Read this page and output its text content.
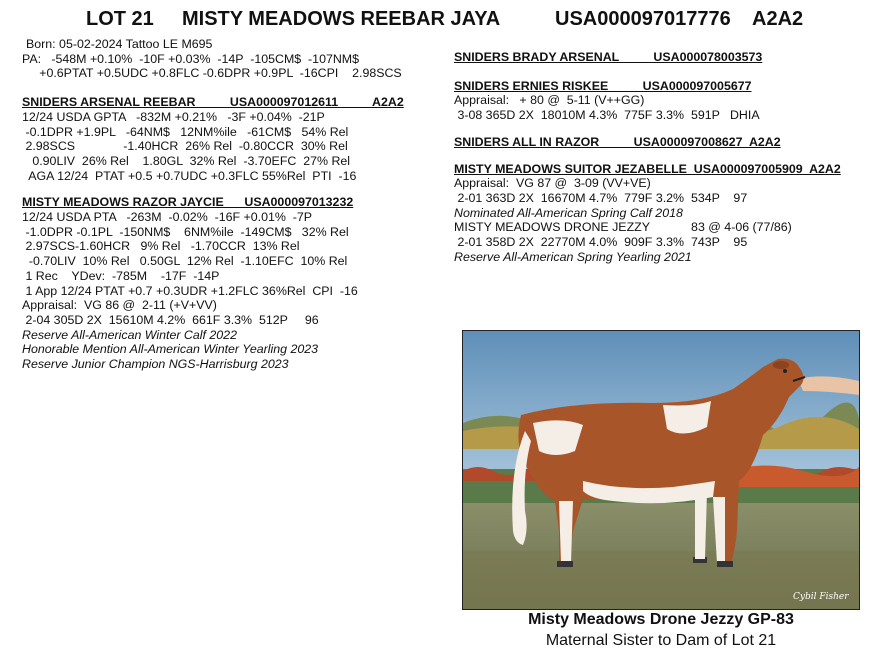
LOT 21 MISTY MEADOWS REEBAR JAYA	USA000097017776 A2A2
Born: 05-02-2024 Tattoo LE M695
PA:   -548M +0.10%  -10F +0.03%  -14P  -105CM$  -107NM$
+0.6PTAT +0.5UDC +0.8FLC -0.6DPR +0.9PL  -16CPI    2.98SCS
SNIDERS ARSENAL REEBAR          USA000097012611          A2A2
12/24 USDA GPTA   -832M +0.21%   -3F +0.04%  -21P
-0.1DPR +1.9PL   -64NM$   12NM%ile   -61CM$   54% Rel
2.98SCS              -1.40HCR  26% Rel  -0.80CCR  30% Rel
0.90LIV  26% Rel    1.80GL  32% Rel  -3.70EFC  27% Rel
AGA 12/24  PTAT +0.5 +0.7UDC +0.3FLC 55%Rel  PTI  -16
MISTY MEADOWS RAZOR JAYCIE      USA000097013232
12/24 USDA PTA   -263M  -0.02%  -16F +0.01%  -7P
-1.0DPR -0.1PL  -150NM$    6NM%ile  -149CM$   32% Rel
2.97SCS-1.60HCR   9% Rel   -1.70CCR  13% Rel
-0.70LIV  10% Rel   0.50GL  12% Rel  -1.10EFC  10% Rel
1 Rec    YDev:  -785M    -17F  -14P
1 App 12/24 PTAT +0.7 +0.3UDR +1.2FLC 36%Rel  CPI  -16
Appraisal:  VG 86 @  2-11 (+V+VV)
2-04 305D 2X  15610M 4.2%  661F 3.3%  512P     96
Reserve All-American Winter Calf 2022
Honorable Mention All-American Winter Yearling 2023
Reserve Junior Champion NGS-Harrisburg 2023
SNIDERS BRADY ARSENAL          USA000078003573
SNIDERS ERNIES RISKEE          USA000097005677
Appraisal:   + 80 @  5-11 (V++GG)
3-08 365D 2X  18010M 4.3%  775F 3.3%  591P   DHIA
SNIDERS ALL IN RAZOR          USA000097008627  A2A2
MISTY MEADOWS SUITOR JEZABELLE  USA000097005909  A2A2
Appraisal:  VG 87 @  3-09 (VV+VE)
2-01 363D 2X  16670M 4.7%  779F 3.2%  534P    97
Nominated All-American Spring Calf 2018
MISTY MEADOWS DRONE JEZZY            83 @ 4-06 (77/86)
2-01 358D 2X  22770M 4.0%  909F 3.3%  743P    95
Reserve All-American Spring Yearling 2021
Cybil Fisher
Misty Meadows Drone Jezzy GP-83
Maternal Sister to Dam of Lot 21
